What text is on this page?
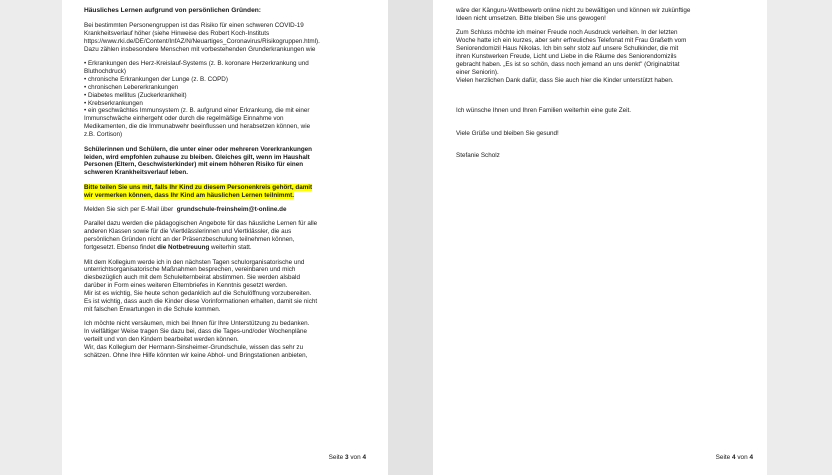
Häusliches Lernen aufgrund von persönlichen Gründen:

Bei bestimmten Personengruppen ist das Risiko für einen schweren COVID-19

Krankheitsverlauf höher (siehe Hinweise des Robert Koch-Instituts

https://www.rki.de/DE/Content/InfAZ/N/Neuartiges_Coronavirus/Risikogruppen.html).

Dazu zählen insbesondere Menschen mit vorbestehenden Grunderkrankungen wie

• Erkrankungen des Herz-Kreislauf-Systems (z. B. koronare Herzerkrankung und
Bluthochdruck)
• chronische Erkrankungen der Lunge (z. B. COPD)
• chronischen Lebererkrankungen
• Diabetes mellitus (Zuckerkrankheit)
• Krebserkrankungen
• ein geschwächtes Immunsystem (z. B. aufgrund einer Erkrankung, die mit einer
Immunschwäche einhergeht oder durch die regelmäßige Einnahme von
Medikamenten, die die Immunabwehr beeinflussen und herabsetzen können, wie
z.B. Cortison)

Schülerinnen und Schülern, die unter einer oder mehreren Vorerkrankungen

leiden, wird empfohlen zuhause zu bleiben. Gleiches gilt, wenn im Haushalt

Personen (Eltern, Geschwisterkinder) mit einem höheren Risiko für einen

schweren Krankheitsverlauf leben.

Bitte teilen Sie uns mit, falls Ihr Kind zu diesem Personenkreis gehört, damit

wir vermerken können, dass Ihr Kind am häuslichen Lernen teilnimmt.

Melden Sie sich per E-Mail über grundschule-freinsheim@t-online.de

Parallel dazu werden die pädagogischen Angebote für das häusliche Lernen für alle

anderen Klassen sowie für die Viertklässlerinnen und Viertklässler, die aus

persönlichen Gründen nicht an der Präsenzbeschulung teilnehmen können,

fortgesetzt. Ebenso findet die Notbetreuung weiterhin statt.

Mit dem Kollegium werde ich in den nächsten Tagen schulorganisatorische und

unterrichtsorganisatorische Maßnahmen besprechen, vereinbaren und mich

diesbezüglich auch mit dem Schulelternbeirat abstimmen. Sie werden alsbald

darüber in Form eines weiteren Elternbriefes in Kenntnis gesetzt werden.

Mir ist es wichtig, Sie heute schon gedanklich auf die Schulöffnung vorzubereiten.

Es ist wichtig, dass auch die Kinder diese Vorinformationen erhalten, damit sie nicht

mit falschen Erwartungen in die Schule kommen.

Ich möchte nicht versäumen, mich bei Ihnen für Ihre Unterstützung zu bedanken.

In vielfältiger Weise tragen Sie dazu bei, dass die Tages-und/oder Wochenpläne

verteilt und von den Kindern bearbeitet werden können.

Wir, das Kollegium der Hermann-Sinsheimer-Grundschule, wissen das sehr zu

schätzen. Ohne Ihre Hilfe könnten wir keine Abhol- und Bringstationen anbieten,

Seite 3 von 4

wäre der Känguru-Wettbewerb online nicht zu bewältigen und können wir zukünftige

Ideen nicht umsetzen. Bitte bleiben Sie uns gewogen!

Zum Schluss möchte ich meiner Freude noch Ausdruck verleihen. In der letzten

Woche hatte ich ein kurzes, aber sehr erfreuliches Telefonat mit Frau Graßeth vom

Seniorendomizil Haus Nikolas. Ich bin sehr stolz auf unsere Schulkinder, die mit

ihren Kunstwerken Freude, Licht und Liebe in die Räume des Seniorendomizils

gebracht haben. „Es ist so schön, dass noch jemand an uns denkt" (Originalzitat

einer Seniorin).

Vielen herzlichen Dank dafür, dass Sie auch hier die Kinder unterstützt haben.

Ich wünsche Ihnen und Ihren Familien weiterhin eine gute Zeit.
Viele Grüße und bleiben Sie gesund!
Stefanie Scholz
Seite 4 von 4
